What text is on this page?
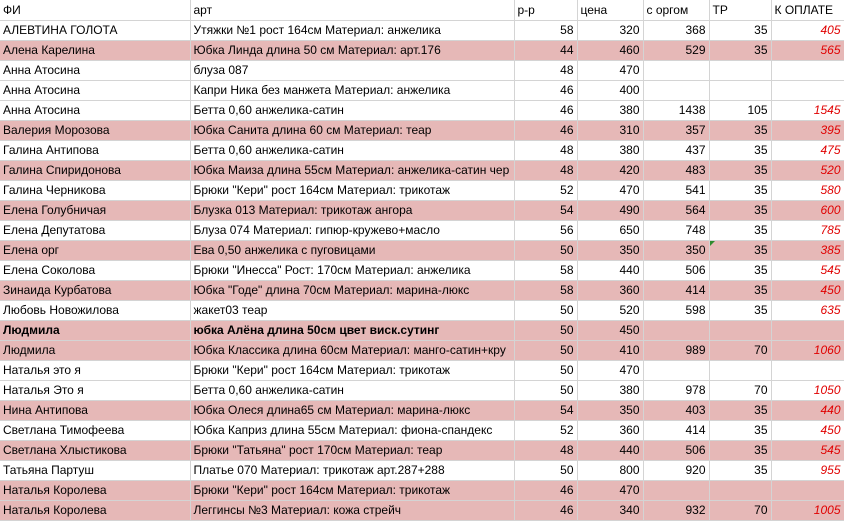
ФИ	арт	р-р	цена	с оргом	ТР	К ОПЛАТЕ
АЛЕВТИНА ГОЛОТА	Утяжки №1 рост 164см Материал: анжелика	58	320	368	35	405
Алена Карелина	Юбка Линда длина 50 см Материал: арт.176	44	460	529	35	565
Анна Атосина	блуза 087	48	470			
Анна Атосина	Капри Ника без манжета Материал: анжелика	46	400			
Анна Атосина	Бетта 0,60 анжелика-сатин	46	380	1438	105	1545
Валерия Морозова	Юбка Санита длина 60 см Материал: теар	46	310	357	35	395
Галина Антипова	Бетта 0,60 анжелика-сатин	48	380	437	35	475
Галина Спиридонова	Юбка Маиза длина 55см Материал: анжелика-сатин чер	48	420	483	35	520
Галина Черникова	Брюки "Кери" рост 164см Материал: трикотаж	52	470	541	35	580
Елена Голубничая	Блузка 013 Материал: трикотаж ангора	54	490	564	35	600
Елена Депутатова	Блуза 074 Материал: гипюр-кружево+масло	56	650	748	35	785
Елена орг	Ева 0,50 анжелика с пуговицами	50	350	350	35	385
Елена Соколова	Брюки "Инесса" Рост: 170см Материал: анжелика	58	440	506	35	545
Зинаида Курбатова	Юбка "Годе" длина 70см Материал: марина-люкс	58	360	414	35	450
Любовь Новожилова	жакет03 теар	50	520	598	35	635
Людмила	юбка Алёна длина 50см цвет виск.сутинг	50	450			
Людмила	Юбка Классика длина 60см Материал: манго-сатин+кру	50	410	989	70	1060
Наталья это я	Брюки "Кери" рост 164см Материал: трикотаж	50	470			
Наталья Это я	Бетта 0,60 анжелика-сатин	50	380	978	70	1050
Нина Антипова	Юбка Олеся длина65 см Материал: марина-люкс	54	350	403	35	440
Светлана Тимофеева	Юбка Каприз длина 55см Материал: фиона-спандекс	52	360	414	35	450
Светлана Хлыстикова	Брюки "Татьяна" рост 170см Материал: теар	48	440	506	35	545
Татьяна Партуш	Платье 070 Материал: трикотаж арт.287+288	50	800	920	35	955
Наталья Королева	Брюки "Кери" рост 164см Материал: трикотаж	46	470			
Наталья Королева	Леггинсы №3 Материал: кожа стрейч	46	340	932	70	1005
